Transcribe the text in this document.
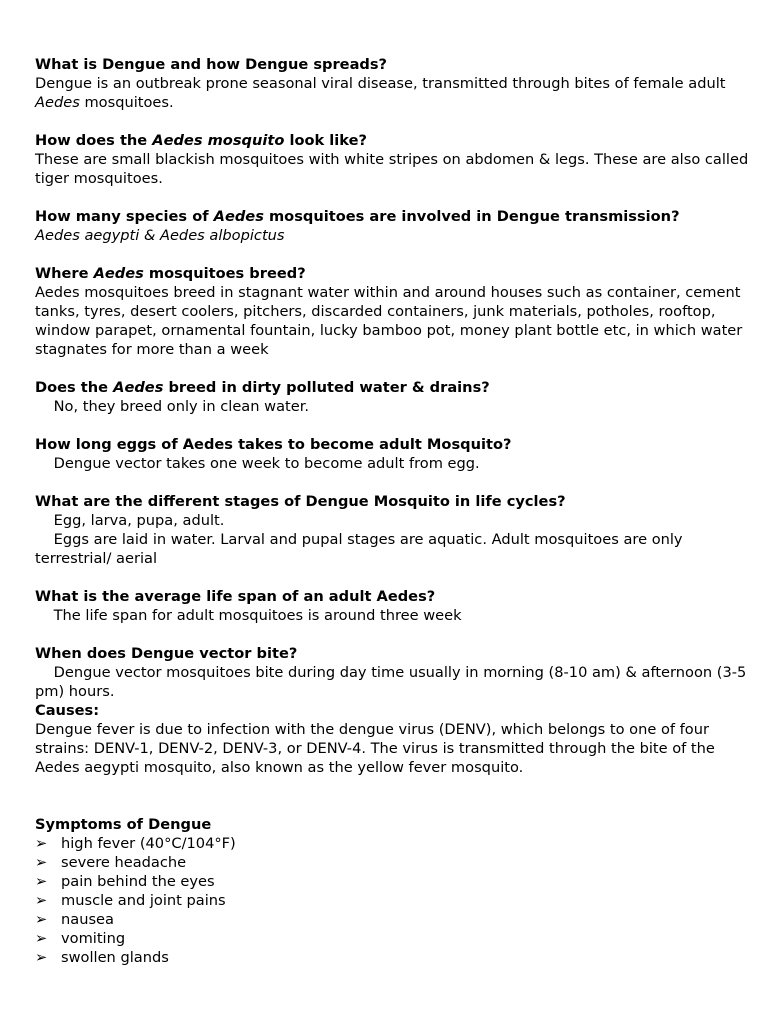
What is Dengue and how Dengue spreads?

Dengue is an outbreak prone seasonal viral disease, transmitted through bites of female adult Aedes mosquitoes.

How does the Aedes mosquito look like?

These are small blackish mosquitoes with white stripes on abdomen & legs. These are also called tiger mosquitoes.

How many species of Aedes mosquitoes are involved in Dengue transmission?

Aedes aegypti & Aedes albopictus

Where Aedes mosquitoes breed?

Aedes mosquitoes breed in stagnant water within and around houses such as container, cement tanks, tyres, desert coolers, pitchers, discarded containers, junk materials, potholes, rooftop, window parapet, ornamental fountain, lucky bamboo pot, money plant bottle etc, in which water stagnates for more than a week

Does the Aedes breed in dirty polluted water & drains?

No, they breed only in clean water.

How long eggs of Aedes takes to become adult Mosquito?

Dengue vector takes one week to become adult from egg.

What are the different stages of Dengue Mosquito in life cycles?

Egg, larva, pupa, adult.

Eggs are laid in water. Larval and pupal stages are aquatic. Adult mosquitoes are only terrestrial/ aerial

What is the average life span of an adult Aedes?

The life span for adult mosquitoes is around three week

When does Dengue vector bite?

Dengue vector mosquitoes bite during day time usually in morning (8-10 am) & afternoon (3-5 pm) hours.

Causes:

Dengue fever is due to infection with the dengue virus (DENV), which belongs to one of four strains: DENV-1, DENV-2, DENV-3, or DENV-4. The virus is transmitted through the bite of the Aedes aegypti mosquito, also known as the yellow fever mosquito.

Symptoms of Dengue

➢ high fever (40°C/104°F)
➢ severe headache
➢ pain behind the eyes
➢ muscle and joint pains
➢ nausea
➢ vomiting
➢ swollen glands
